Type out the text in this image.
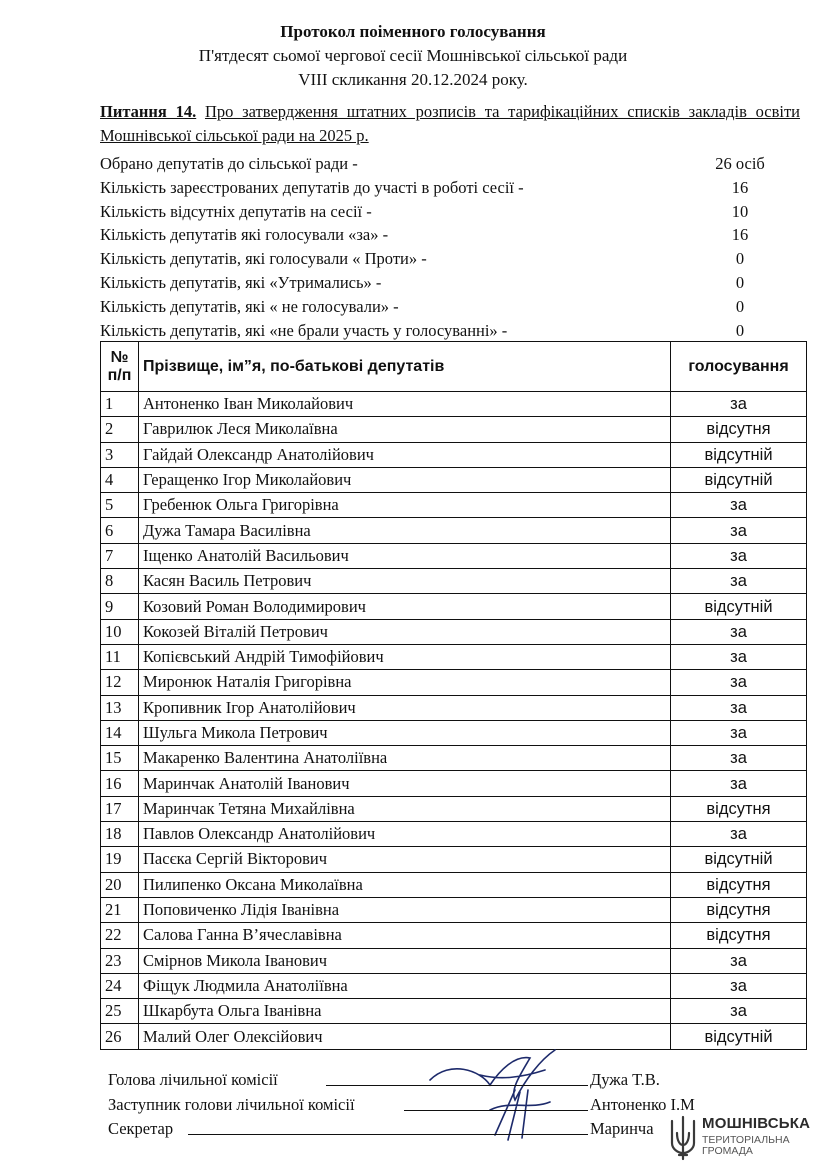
Протокол поіменного голосування
П'ятдесят сьомої чергової сесії Мошнівської сільської ради
VIII скликання 20.12.2024 року.
Питання 14. Про затвердження штатних розписів та тарифікаційних списків закладів освіти Мошнівської сільської ради на 2025 р.
Обрано депутатів до сільської ради -	26 осіб
Кількість зареєстрованих депутатів до участі в роботі сесії -	16
Кількість відсутніх депутатів на сесії -	10
Кількість депутатів які голосували «за» -	16
Кількість депутатів, які голосували « Проти» -	0
Кількість депутатів, які «Утримались» -	0
Кількість депутатів, які « не голосували» -	0
Кількість депутатів, які «не брали участь у голосуванні» -	0
№
п/п	Прізвище, ім”я, по-батькові депутатів	голосування
1	Антоненко Іван Миколайович	за
2	Гаврилюк Леся Миколаївна	відсутня
3	Гайдай Олександр Анатолійович	відсутній
4	Геращенко Ігор Миколайович	відсутній
5	Гребенюк Ольга Григорівна	за
6	Дужа Тамара Василівна	за
7	Іщенко Анатолій Васильович	за
8	Касян Василь Петрович	за
9	Козовий Роман Володимирович	відсутній
10	Кокозей Віталій Петрович	за
11	Копієвський Андрій Тимофійович	за
12	Миронюк Наталія Григорівна	за
13	Кропивник Ігор Анатолійович	за
14	Шульга Микола Петрович	за
15	Макаренко Валентина Анатоліївна	за
16	Маринчак Анатолій Іванович	за
17	Маринчак Тетяна Михайлівна	відсутня
18	Павлов Олександр Анатолійович	за
19	Пасєка Сергій Вікторович	відсутній
20	Пилипенко Оксана Миколаївна	відсутня
21	Поповиченко Лідія Іванівна	відсутня
22	Салова Ганна В’ячеславівна	відсутня
23	Смірнов Микола Іванович	за
24	Фіщук Людмила Анатоліївна	за
25	Шкарбута Ольга Іванівна	за
26	Малий Олег Олексійович	відсутній
Голова лічильної комісії	Дужа Т.В.
Заступник голови лічильної комісії	Антоненко І.М
Секретар	Маринча	МОШНІВСЬКА
ТЕРИТОРІАЛЬНА
ГРОМАДА
